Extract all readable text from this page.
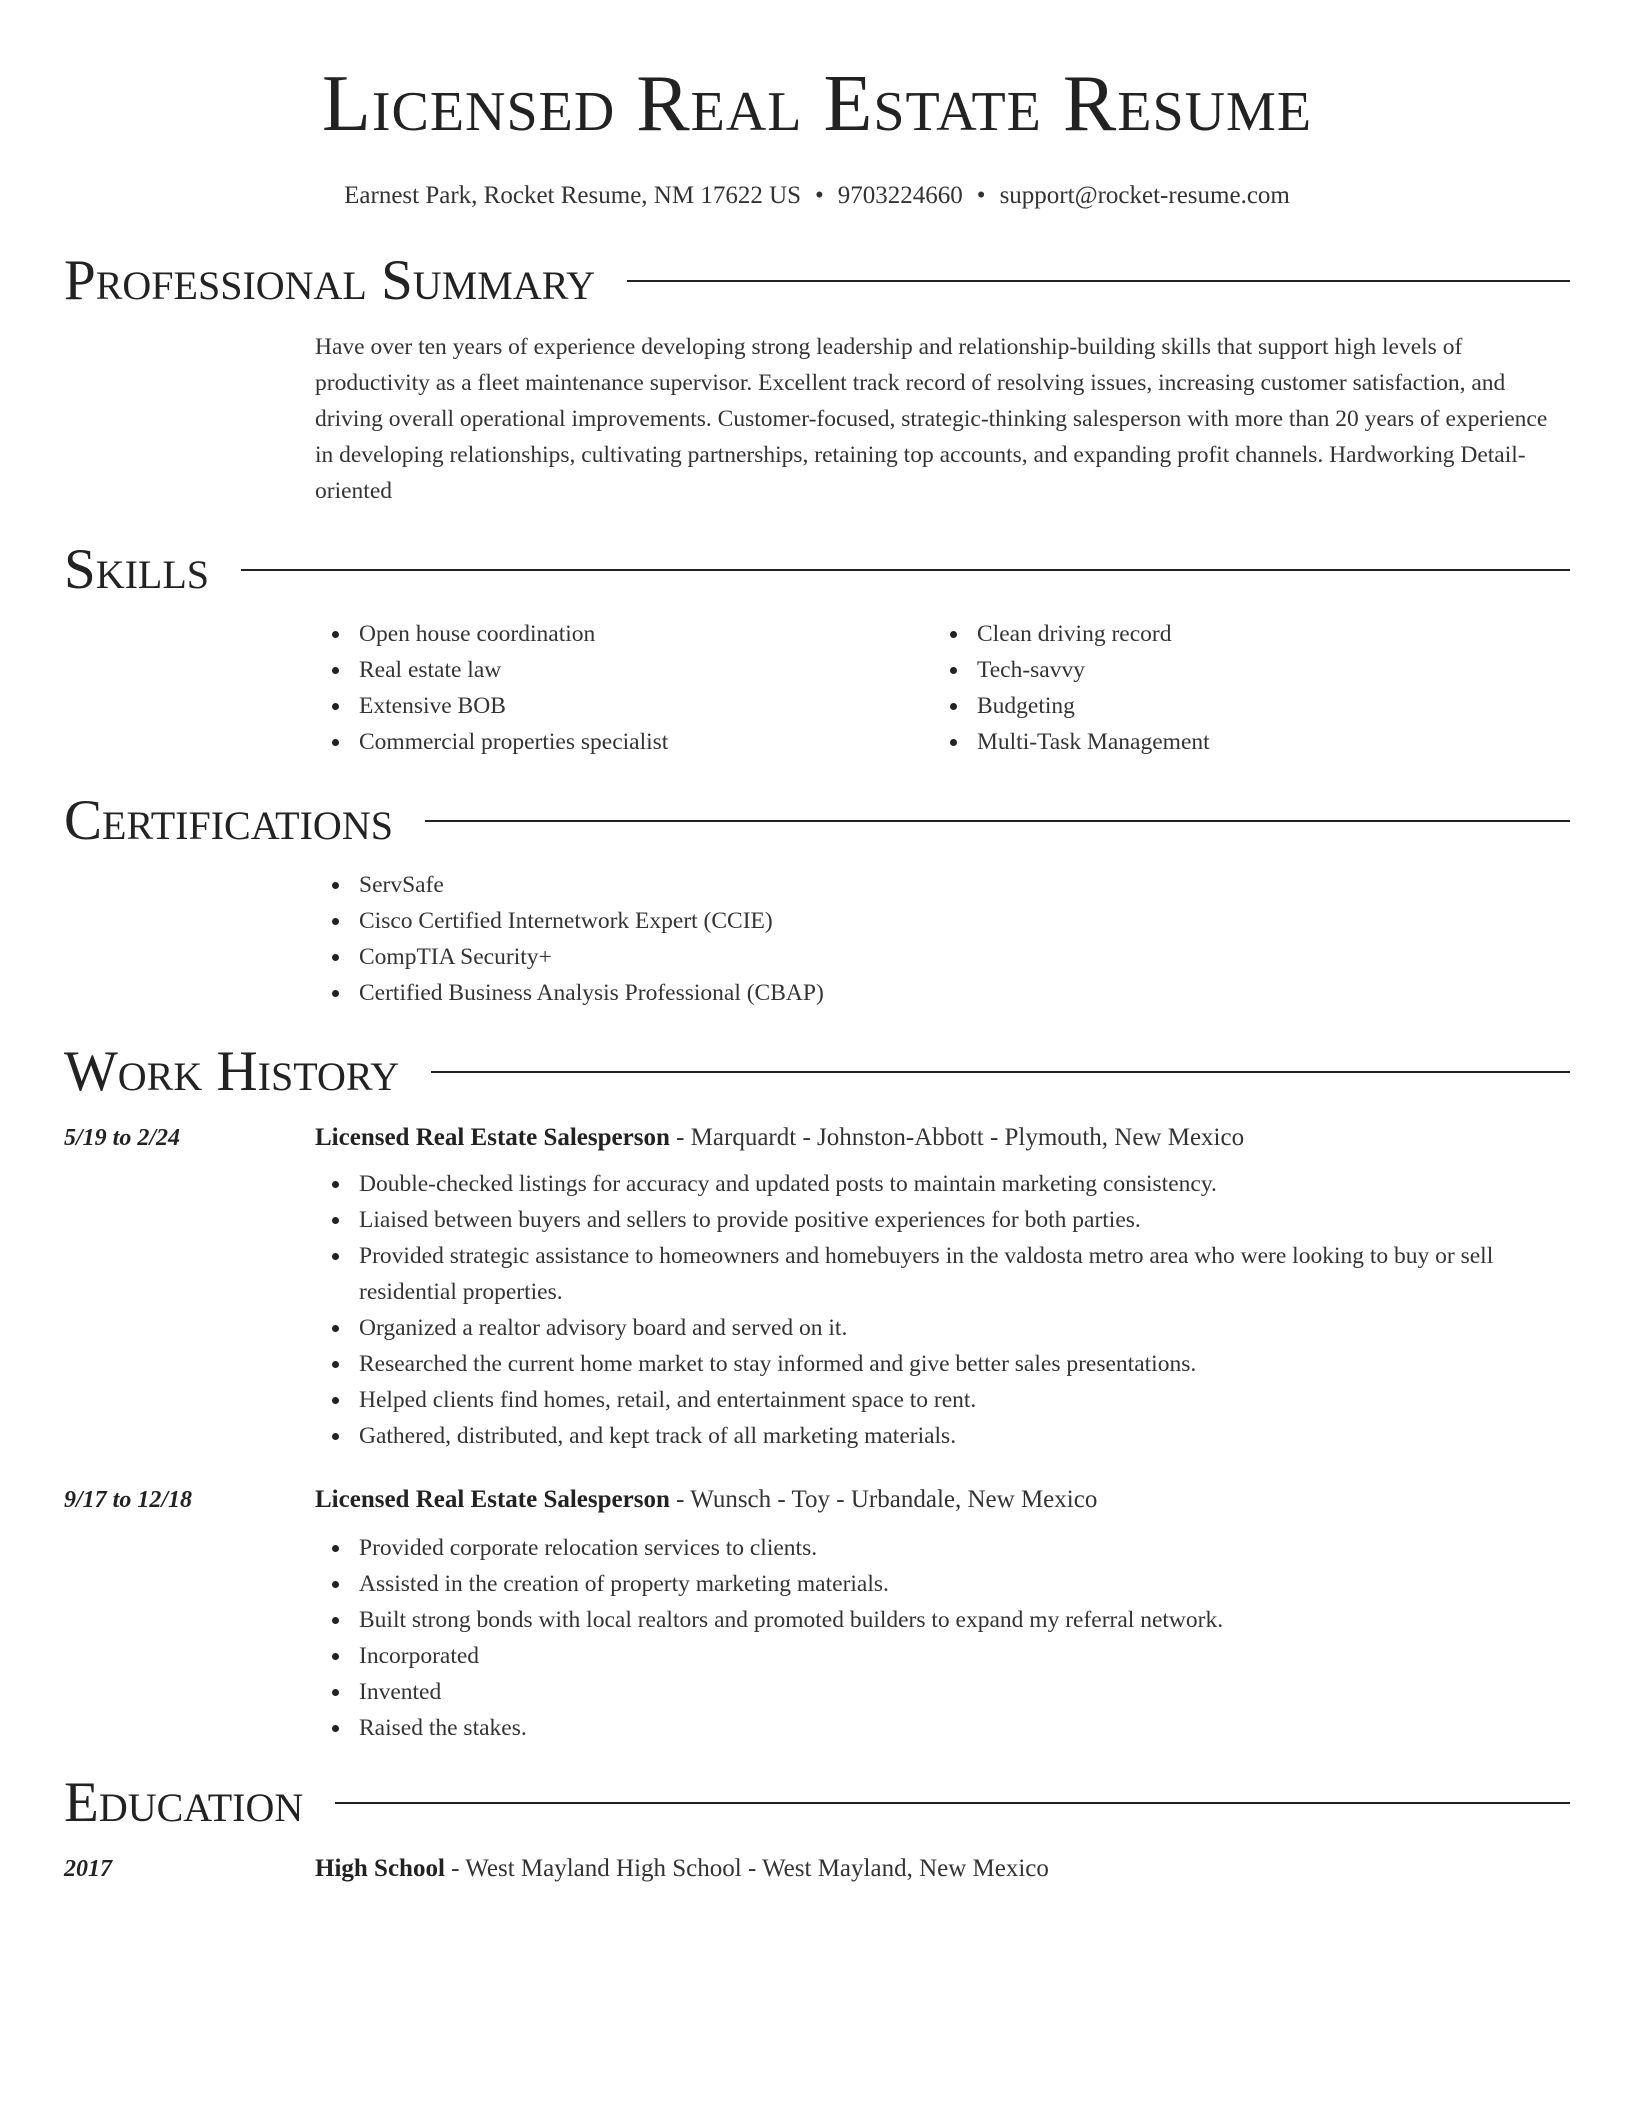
Licensed Real Estate Resume
Earnest Park, Rocket Resume, NM 17622 US • 9703224660 • support@rocket-resume.com
Professional Summary
Have over ten years of experience developing strong leadership and relationship-building skills that support high levels of productivity as a fleet maintenance supervisor. Excellent track record of resolving issues, increasing customer satisfaction, and driving overall operational improvements. Customer-focused, strategic-thinking salesperson with more than 20 years of experience in developing relationships, cultivating partnerships, retaining top accounts, and expanding profit channels. Hardworking Detail-oriented
Skills
Open house coordination
Real estate law
Extensive BOB
Commercial properties specialist
Clean driving record
Tech-savvy
Budgeting
Multi-Task Management
Certifications
ServSafe
Cisco Certified Internetwork Expert (CCIE)
CompTIA Security+
Certified Business Analysis Professional (CBAP)
Work History
5/19 to 2/24	Licensed Real Estate Salesperson - Marquardt - Johnston-Abbott - Plymouth, New Mexico
Double-checked listings for accuracy and updated posts to maintain marketing consistency.
Liaised between buyers and sellers to provide positive experiences for both parties.
Provided strategic assistance to homeowners and homebuyers in the valdosta metro area who were looking to buy or sell residential properties.
Organized a realtor advisory board and served on it.
Researched the current home market to stay informed and give better sales presentations.
Helped clients find homes, retail, and entertainment space to rent.
Gathered, distributed, and kept track of all marketing materials.
9/17 to 12/18	Licensed Real Estate Salesperson - Wunsch - Toy - Urbandale, New Mexico
Provided corporate relocation services to clients.
Assisted in the creation of property marketing materials.
Built strong bonds with local realtors and promoted builders to expand my referral network.
Incorporated
Invented
Raised the stakes.
Education
2017	High School - West Mayland High School - West Mayland, New Mexico
